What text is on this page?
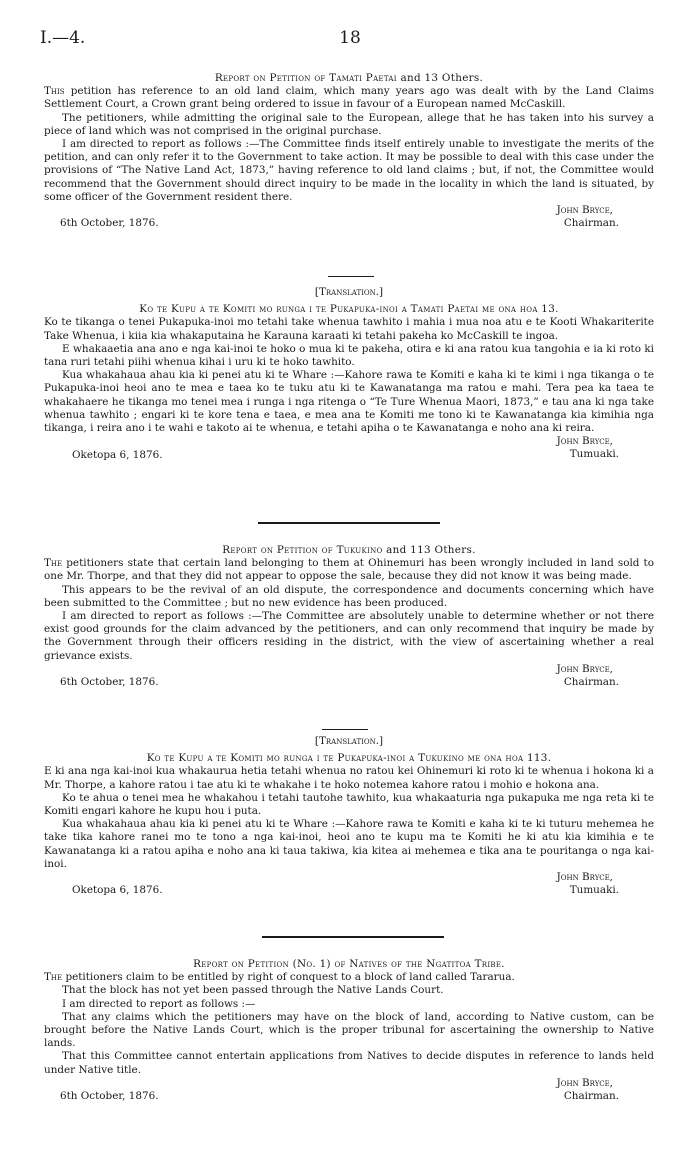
I.—4.	18
Report on Petition of Tamati Paetai and 13 Others.

This petition has reference to an old land claim, which many years ago was dealt with by the Land Claims Settlement Court, a Crown grant being ordered to issue in favour of a European named McCaskill.

The petitioners, while admitting the original sale to the European, allege that he has taken into his survey a piece of land which was not comprised in the original purchase.

I am directed to report as follows :—The Committee finds itself entirely unable to investigate the merits of the petition, and can only refer it to the Government to take action. It may be possible to deal with this case under the provisions of “The Native Land Act, 1873,” having reference to old land claims ; but, if not, the Committee would recommend that the Government should direct inquiry to be made in the locality in which the land is situated, by some officer of the Government resident there.

John Bryce,
Chairman.
6th October, 1876.
[Translation.]
Ko te Kupu a te Komiti mo runga i te Pukapuka-inoi a Tamati Paetai me ona hoa 13.

Ko te tikanga o tenei Pukapuka-inoi mo tetahi take whenua tawhito i mahia i mua noa atu e te Kooti Whakariterite Take Whenua, i kiia kia whakaputaina he Karauna karaati ki tetahi pakeha ko McCaskill te ingoa.

E whakaaetia ana ano e nga kai-inoi te hoko o mua ki te pakeha, otira e ki ana ratou kua tangohia e ia ki roto ki tana ruri tetahi piihi whenua kihai i uru ki te hoko tawhito.

Kua whakahaua ahau kia ki penei atu ki te Whare :—Kahore rawa te Komiti e kaha ki te kimi i nga tikanga o te Pukapuka-inoi heoi ano te mea e taea ko te tuku atu ki te Kawanatanga ma ratou e mahi. Tera pea ka taea te whakahaere he tikanga mo tenei mea i runga i nga ritenga o “Te Ture Whenua Maori, 1873,” e tau ana ki nga take whenua tawhito ; engari ki te kore tena e taea, e mea ana te Komiti me tono ki te Kawanatanga kia kimihia nga tikanga, i reira ano i te wahi e takoto ai te whenua, e tetahi apiha o te Kawanatanga e noho ana ki reira.

John Bryce,
Tumuaki.
Oketopa 6, 1876.
Report on Petition of Tukukino and 113 Others.

The petitioners state that certain land belonging to them at Ohinemuri has been wrongly included in land sold to one Mr. Thorpe, and that they did not appear to oppose the sale, because they did not know it was being made.

This appears to be the revival of an old dispute, the correspondence and documents concerning which have been submitted to the Committee ; but no new evidence has been produced.

I am directed to report as follows :—The Committee are absolutely unable to determine whether or not there exist good grounds for the claim advanced by the petitioners, and can only recommend that inquiry be made by the Government through their officers residing in the district, with the view of ascertaining whether a real grievance exists.

John Bryce,
Chairman.
6th October, 1876.
[Translation.]
Ko te Kupu a te Komiti mo runga i te Pukapuka-inoi a Tukukino me ona hoa 113.

E ki ana nga kai-inoi kua whakaurua hetia tetahi whenua no ratou kei Ohinemuri ki roto ki te whenua i hokona ki a Mr. Thorpe, a kahore ratou i tae atu ki te whakahe i te hoko notemea kahore ratou i mohio e hokona ana.

Ko te ahua o tenei mea he whakahou i tetahi tautohe tawhito, kua whakaaturia nga pukapuka me nga reta ki te Komiti engari kahore he kupu hou i puta.

Kua whakahaua ahau kia ki penei atu ki te Whare :—Kahore rawa te Komiti e kaha ki te ki tuturu mehemea he take tika kahore ranei mo te tono a nga kai-inoi, heoi ano te kupu ma te Komiti he ki atu kia kimihia e te Kawanatanga ki a ratou apiha e noho ana ki taua takiwa, kia kitea ai mehemea e tika ana te pouritanga o nga kai-inoi.

John Bryce,
Tumuaki.
Oketopa 6, 1876.
Report on Petition (No. 1) of Natives of the Ngatitoa Tribe.

The petitioners claim to be entitled by right of conquest to a block of land called Tararua.

That the block has not yet been passed through the Native Lands Court.

I am directed to report as follows :—

That any claims which the petitioners may have on the block of land, according to Native custom, can be brought before the Native Lands Court, which is the proper tribunal for ascertaining the ownership to Native lands.

That this Committee cannot entertain applications from Natives to decide disputes in reference to lands held under Native title.

John Bryce,
Chairman.
6th October, 1876.
